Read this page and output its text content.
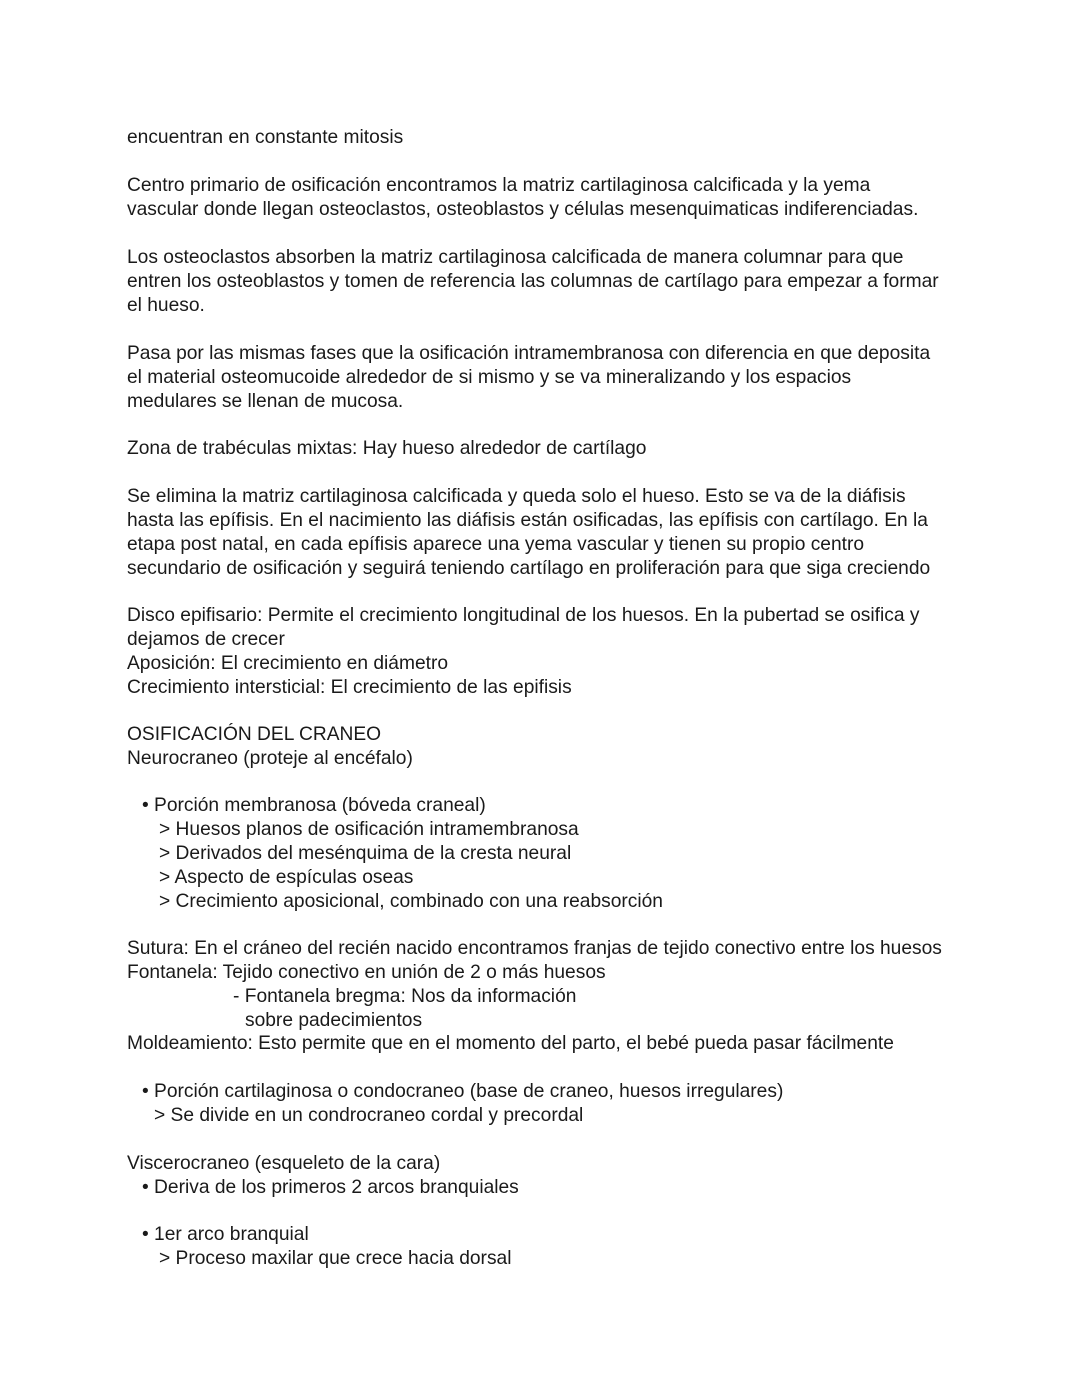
encuentran en constante mitosis
Centro primario de osificación encontramos la matriz cartilaginosa calcificada y la yema
vascular donde llegan osteoclastos, osteoblastos y células mesenquimaticas indiferenciadas.
Los osteoclastos absorben la matriz cartilaginosa calcificada de manera columnar para que
entren los osteoblastos y tomen de referencia las columnas de cartílago para empezar a formar
el hueso.
Pasa por las mismas fases que la osificación intramembranosa con diferencia en que deposita
el material osteomucoide alrededor de si mismo y se va mineralizando y los espacios
medulares se llenan de mucosa.
Zona de trabéculas mixtas: Hay hueso alrededor de cartílago
Se elimina la matriz cartilaginosa calcificada y queda solo el hueso. Esto se va de la diáfisis
hasta las epífisis. En el nacimiento las diáfisis están osificadas, las epífisis con cartílago. En la
etapa post natal, en cada epífisis aparece una yema vascular y tienen su propio centro
secundario de osificación y seguirá teniendo cartílago en proliferación para que siga creciendo
Disco epifisario: Permite el crecimiento longitudinal de los huesos. En la pubertad se osifica y
dejamos de crecer
Aposición: El crecimiento en diámetro
Crecimiento intersticial: El crecimiento de las epifisis
OSIFICACIÓN DEL CRANEO
Neurocraneo (proteje al encéfalo)
• Porción membranosa (bóveda craneal)
> Huesos planos de osificación intramembranosa
> Derivados del mesénquima de la cresta neural
> Aspecto de espículas oseas
> Crecimiento aposicional, combinado con una reabsorción
Sutura: En el cráneo del recién nacido encontramos franjas de tejido conectivo entre los huesos
Fontanela: Tejido conectivo en unión de 2 o más huesos
- Fontanela bregma: Nos da información
sobre padecimientos
Moldeamiento: Esto permite que en el momento del parto, el bebé pueda pasar fácilmente
• Porción cartilaginosa o condocraneo (base de craneo, huesos irregulares)
> Se divide en un condrocraneo cordal y precordal
Viscerocraneo (esqueleto de la cara)
• Deriva de los primeros 2 arcos branquiales
• 1er arco branquial
> Proceso maxilar que crece hacia dorsal
